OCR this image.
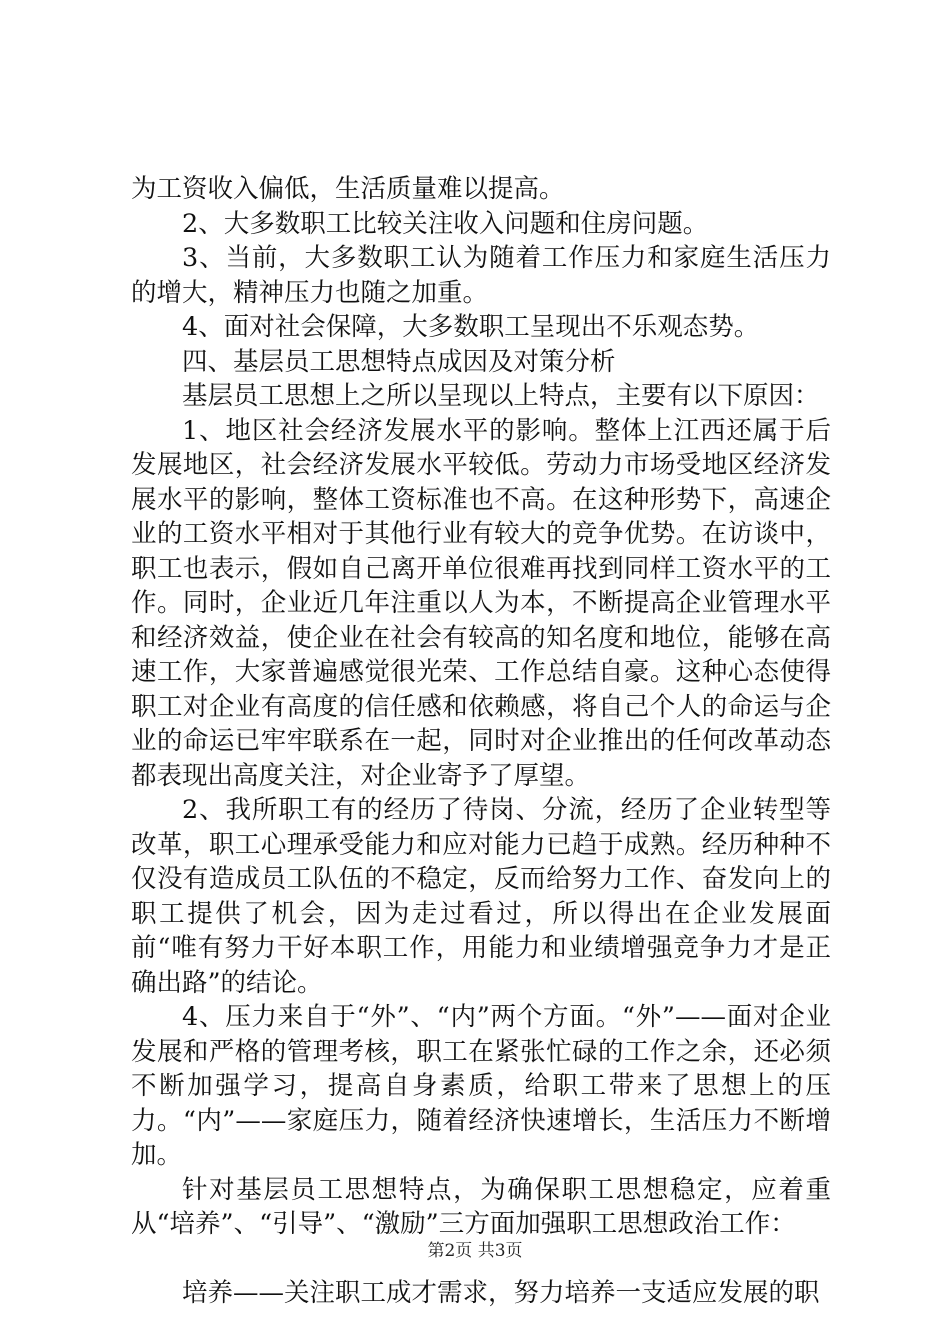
为工资收入偏低，生活质量难以提高。

2、大多数职工比较关注收入问题和住房问题。

3、当前，大多数职工认为随着工作压力和家庭生活压力的增大，精神压力也随之加重。

4、面对社会保障，大多数职工呈现出不乐观态势。

四、基层员工思想特点成因及对策分析

基层员工思想上之所以呈现以上特点，主要有以下原因：

1、地区社会经济发展水平的影响。整体上江西还属于后发展地区，社会经济发展水平较低。劳动力市场受地区经济发展水平的影响，整体工资标准也不高。在这种形势下，高速企业的工资水平相对于其他行业有较大的竞争优势。在访谈中，职工也表示，假如自己离开单位很难再找到同样工资水平的工作。同时，企业近几年注重以人为本，不断提高企业管理水平和经济效益，使企业在社会有较高的知名度和地位，能够在高速工作，大家普遍感觉很光荣、工作总结自豪。这种心态使得职工对企业有高度的信任感和依赖感，将自己个人的命运与企业的命运已牢牢联系在一起，同时对企业推出的任何改革动态都表现出高度关注，对企业寄予了厚望。

2、我所职工有的经历了待岗、分流，经历了企业转型等改革，职工心理承受能力和应对能力已趋于成熟。经历种种不仅没有造成员工队伍的不稳定，反而给努力工作、奋发向上的职工提供了机会，因为走过看过，所以得出在企业发展面前“唯有努力干好本职工作，用能力和业绩增强竞争力才是正确出路”的结论。

4、压力来自于“外”、“内”两个方面。“外”——面对企业发展和严格的管理考核，职工在紧张忙碌的工作之余，还必须不断加强学习，提高自身素质，给职工带来了思想上的压力。“内”——家庭压力，随着经济快速增长，生活压力不断增加。

针对基层员工思想特点，为确保职工思想稳定，应着重从“培养”、“引导”、“激励”三方面加强职工思想政治工作：

培养——关注职工成才需求，努力培养一支适应发展的职

第2页 共3页
